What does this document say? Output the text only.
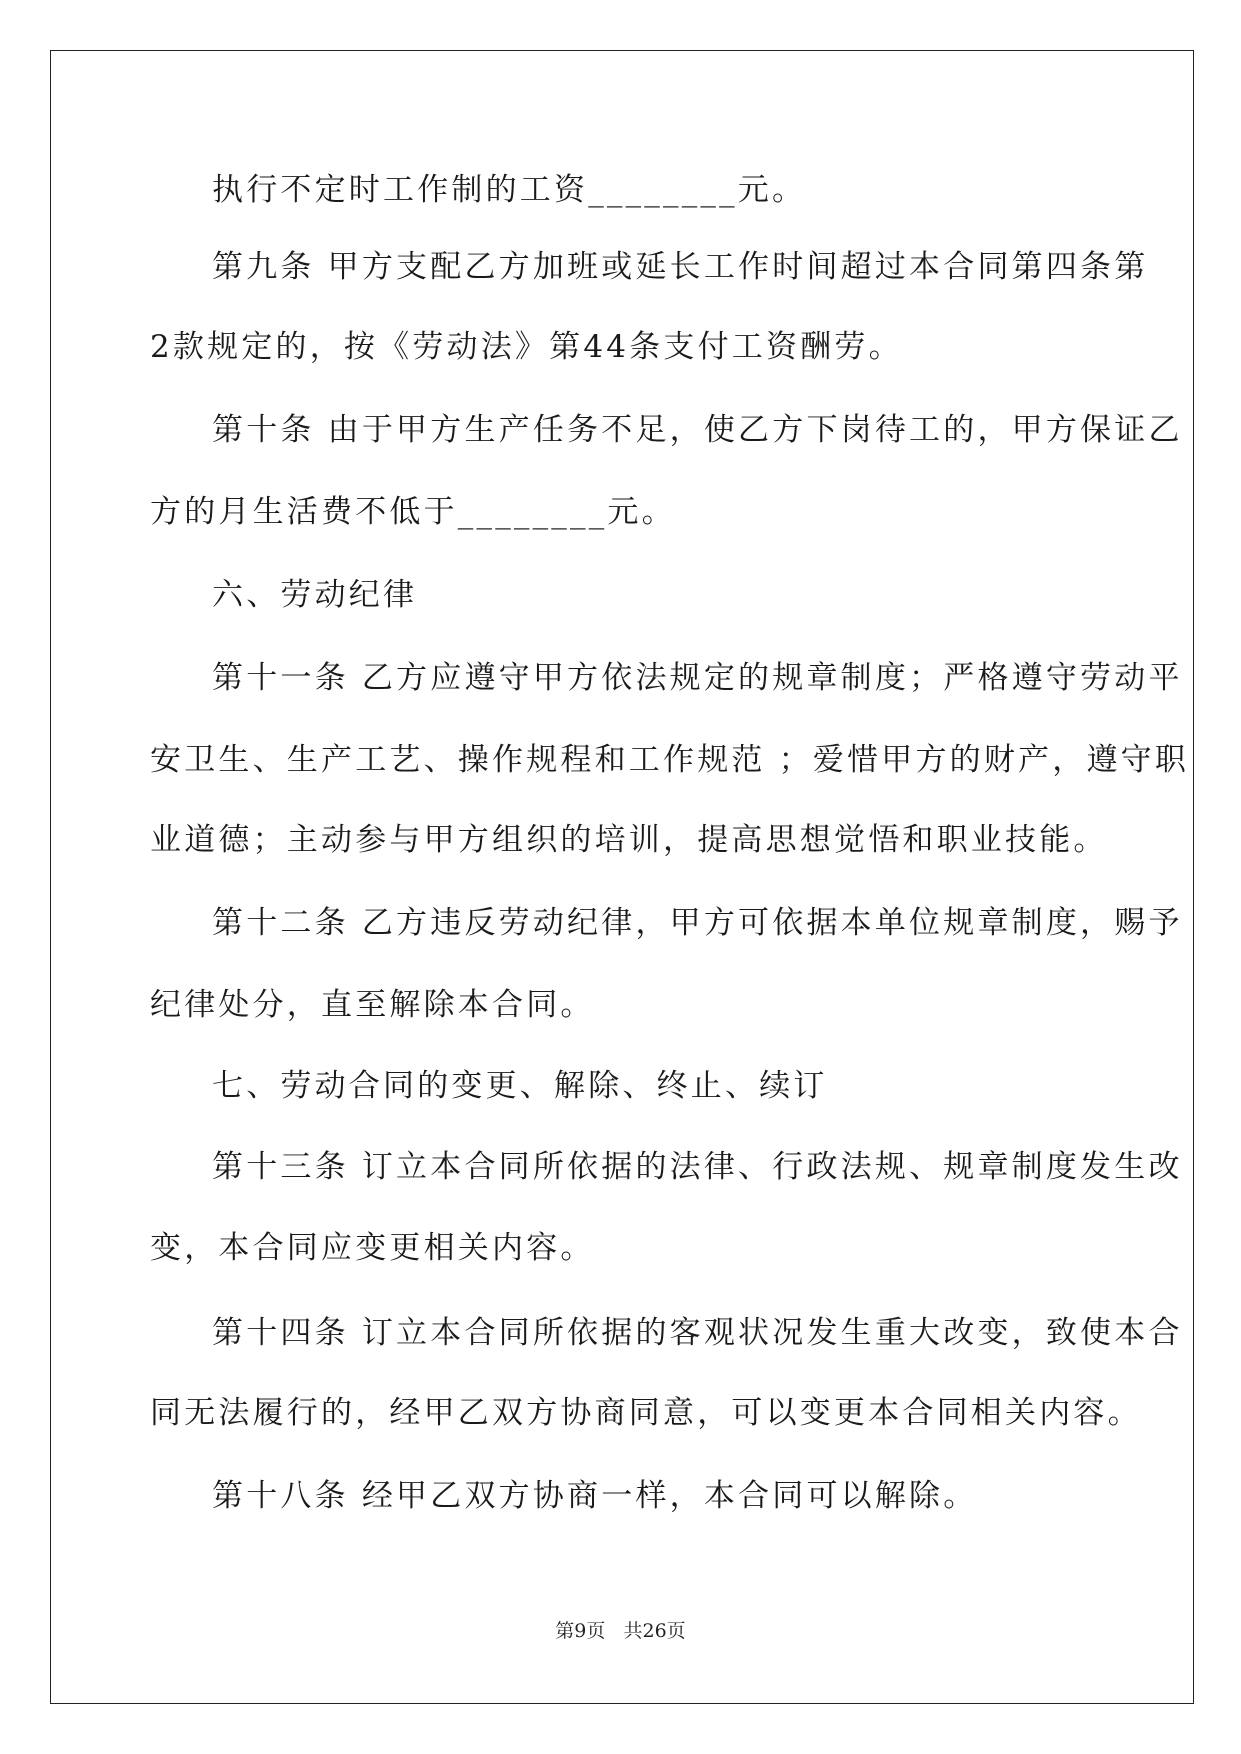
执行不定时工作制的工资________元。
第九条 甲方支配乙方加班或延长工作时间超过本合同第四条第
2款规定的，按《劳动法》第44条支付工资酬劳。
第十条 由于甲方生产任务不足，使乙方下岗待工的，甲方保证乙
方的月生活费不低于________元。
六、劳动纪律
第十一条 乙方应遵守甲方依法规定的规章制度；严格遵守劳动平
安卫生、生产工艺、操作规程和工作规范 ；爱惜甲方的财产，遵守职
业道德；主动参与甲方组织的培训，提高思想觉悟和职业技能。
第十二条 乙方违反劳动纪律，甲方可依据本单位规章制度，赐予
纪律处分，直至解除本合同。
七、劳动合同的变更、解除、终止、续订
第十三条 订立本合同所依据的法律、行政法规、规章制度发生改
变，本合同应变更相关内容。
第十四条 订立本合同所依据的客观状况发生重大改变，致使本合
同无法履行的，经甲乙双方协商同意，可以变更本合同相关内容。
第十八条 经甲乙双方协商一样，本合同可以解除。
第9页   共26页
